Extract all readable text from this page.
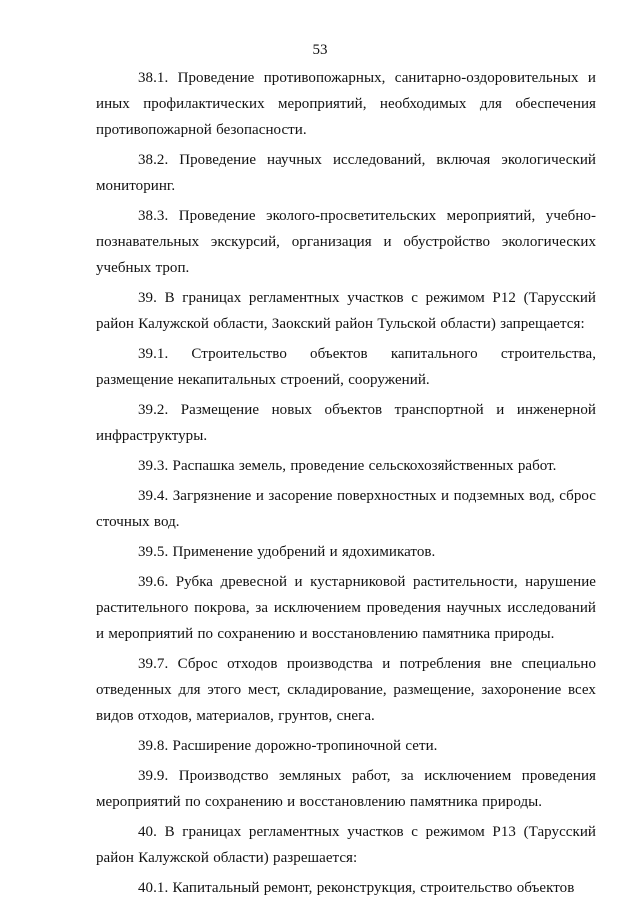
53

38.1. Проведение противопожарных, санитарно-оздоровительных и иных профилактических мероприятий, необходимых для обеспечения противопожарной безопасности.

38.2. Проведение научных исследований, включая экологический мониторинг.

38.3. Проведение эколого-просветительских мероприятий, учебно-познавательных экскурсий, организация и обустройство экологических учебных троп.

39. В границах регламентных участков с режимом Р12 (Тарусский район Калужской области, Заокский район Тульской области) запрещается:

39.1. Строительство объектов капитального строительства, размещение некапитальных строений, сооружений.

39.2. Размещение новых объектов транспортной и инженерной инфраструктуры.

39.3. Распашка земель, проведение сельскохозяйственных работ.

39.4. Загрязнение и засорение поверхностных и подземных вод, сброс сточных вод.

39.5. Применение удобрений и ядохимикатов.

39.6. Рубка древесной и кустарниковой растительности, нарушение растительного покрова, за исключением проведения научных исследований и мероприятий по сохранению и восстановлению памятника природы.

39.7. Сброс отходов производства и потребления вне специально отведенных для этого мест, складирование, размещение, захоронение всех видов отходов, материалов, грунтов, снега.

39.8. Расширение дорожно-тропиночной сети.

39.9. Производство земляных работ, за исключением проведения мероприятий по сохранению и восстановлению памятника природы.

40. В границах регламентных участков с режимом Р13 (Тарусский район Калужской области) разрешается:

40.1. Капитальный ремонт, реконструкция, строительство объектов
